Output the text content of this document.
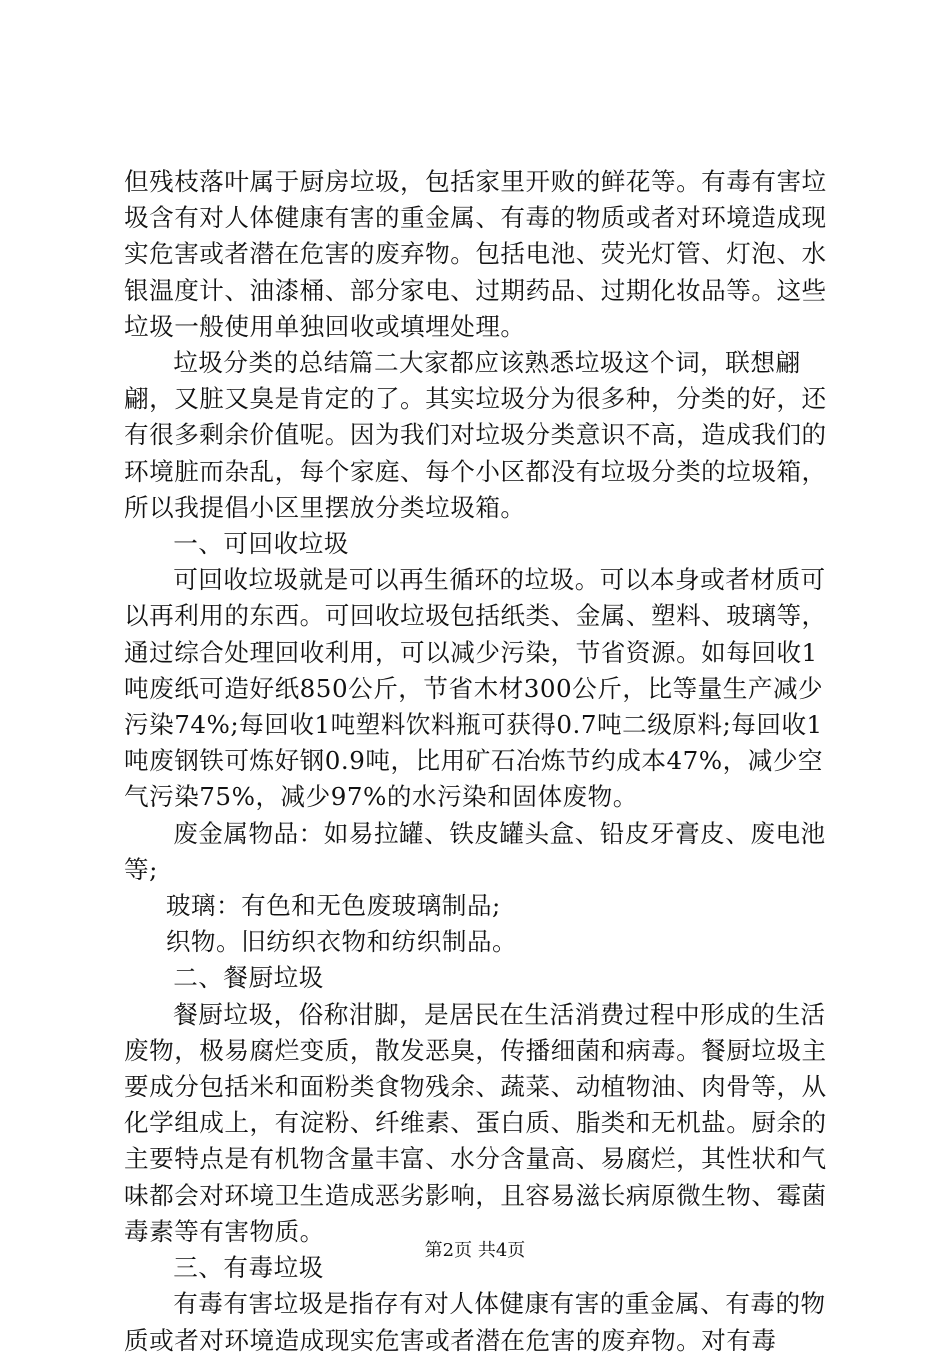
但残枝落叶属于厨房垃圾，包括家里开败的鲜花等。有毒有害垃圾含有对人体健康有害的重金属、有毒的物质或者对环境造成现实危害或者潜在危害的废弃物。包括电池、荧光灯管、灯泡、水银温度计、油漆桶、部分家电、过期药品、过期化妆品等。这些垃圾一般使用单独回收或填埋处理。

垃圾分类的总结篇二大家都应该熟悉垃圾这个词，联想翩翩，又脏又臭是肯定的了。其实垃圾分为很多种，分类的好，还有很多剩余价值呢。因为我们对垃圾分类意识不高，造成我们的环境脏而杂乱，每个家庭、每个小区都没有垃圾分类的垃圾箱，所以我提倡小区里摆放分类垃圾箱。

一、可回收垃圾

可回收垃圾就是可以再生循环的垃圾。可以本身或者材质可以再利用的东西。可回收垃圾包括纸类、金属、塑料、玻璃等，通过综合处理回收利用，可以减少污染，节省资源。如每回收1吨废纸可造好纸850公斤，节省木材300公斤，比等量生产减少污染74%;每回收1吨塑料饮料瓶可获得0.7吨二级原料;每回收1吨废钢铁可炼好钢0.9吨，比用矿石冶炼节约成本47%，减少空气污染75%，减少97%的水污染和固体废物。

废金属物品：如易拉罐、铁皮罐头盒、铅皮牙膏皮、废电池等;

玻璃：有色和无色废玻璃制品;

织物。旧纺织衣物和纺织制品。

二、餐厨垃圾

餐厨垃圾，俗称泔脚，是居民在生活消费过程中形成的生活废物，极易腐烂变质，散发恶臭，传播细菌和病毒。餐厨垃圾主要成分包括米和面粉类食物残余、蔬菜、动植物油、肉骨等，从化学组成上，有淀粉、纤维素、蛋白质、脂类和无机盐。厨余的主要特点是有机物含量丰富、水分含量高、易腐烂，其性状和气味都会对环境卫生造成恶劣影响，且容易滋长病原微生物、霉菌毒素等有害物质。

三、有毒垃圾

有毒有害垃圾是指存有对人体健康有害的重金属、有毒的物质或者对环境造成现实危害或者潜在危害的废弃物。对有毒

第2页 共4页
